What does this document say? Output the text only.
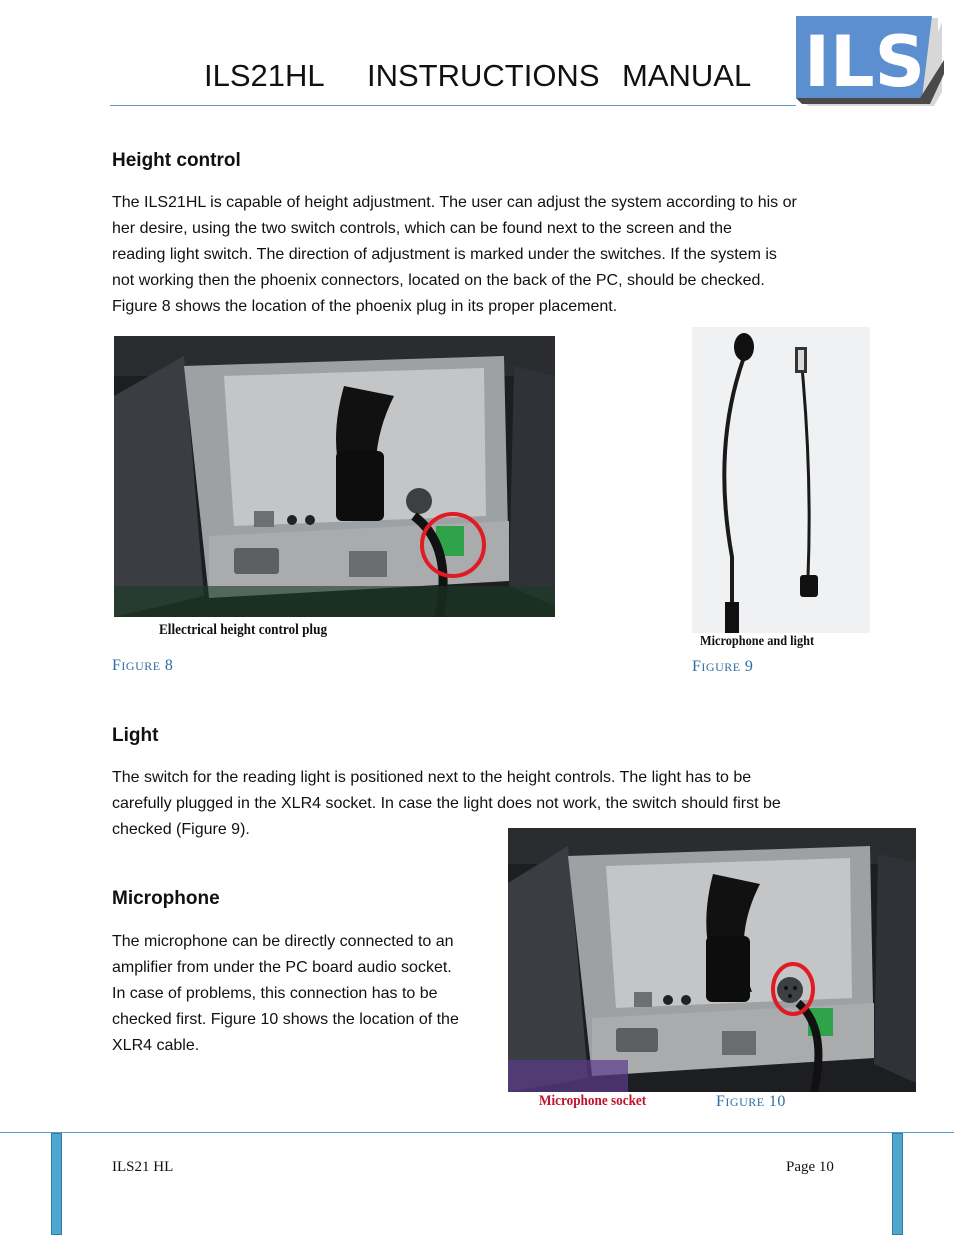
ILS21HL INSTRUCTIONS MANUAL ILS
Height control
The ILS21HL is capable of height adjustment. The user can adjust the system according to his or
her desire, using the two switch controls, which can be found next to the screen and the
reading light switch. The direction of adjustment is marked under the switches. If the system is
not working then the phoenix connectors, located on the back of the PC, should be checked.
Figure 8 shows the location of the phoenix plug in its proper placement.
Ellectrical height control plug
FIGURE 8
Microphone and light
FIGURE 9
Light
The switch for the reading light is positioned next to the height controls. The light has to be
carefully plugged in the XLR4 socket. In case the light does not work, the switch should first be
checked (Figure 9).
Microphone
The microphone can be directly connected to an
amplifier from under the PC board audio socket.
In case of problems, this connection has to be
checked first. Figure 10 shows the location of the
XLR4 cable.
Microphone socket	FIGURE 10
ILS21 HL	Page 10
